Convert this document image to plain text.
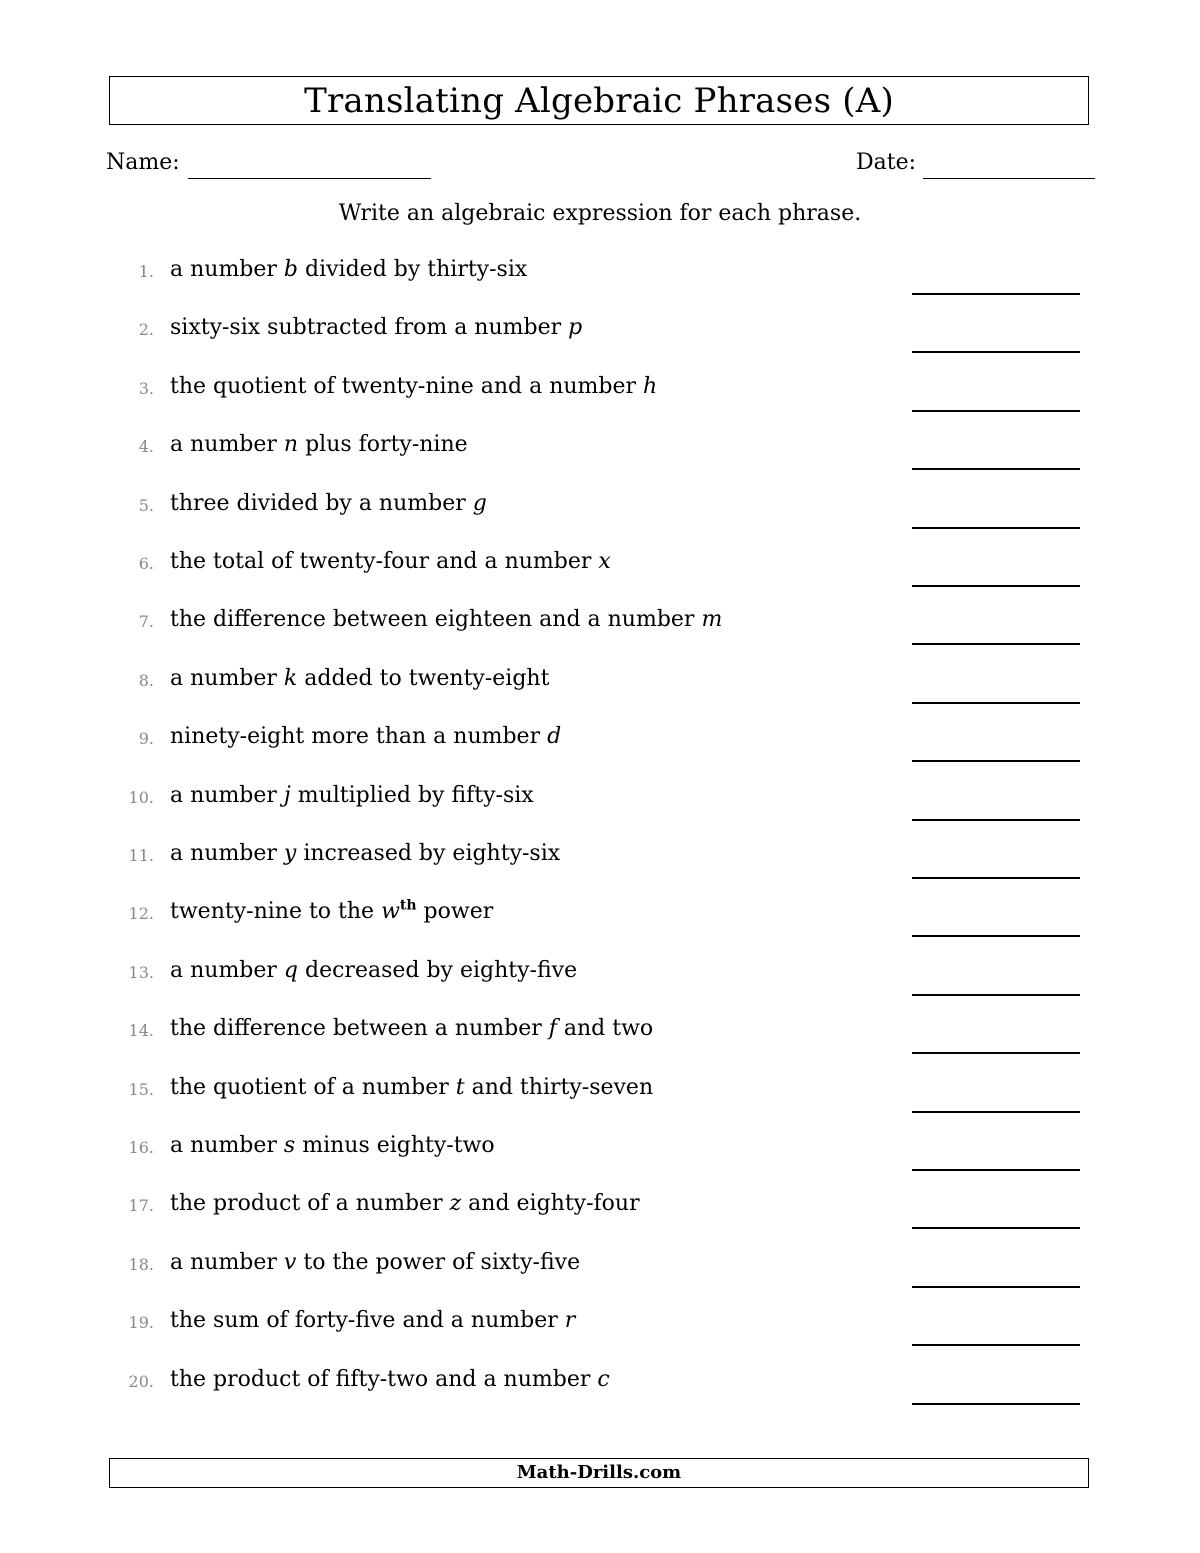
Translating Algebraic Phrases (A)
Name:	Date:
Write an algebraic expression for each phrase.
1. a number b divided by thirty-six
2. sixty-six subtracted from a number p
3. the quotient of twenty-nine and a number h
4. a number n plus forty-nine
5. three divided by a number g
6. the total of twenty-four and a number x
7. the difference between eighteen and a number m
8. a number k added to twenty-eight
9. ninety-eight more than a number d
10. a number j multiplied by fifty-six
11. a number y increased by eighty-six
12. twenty-nine to the $w^{th}$ power
13. a number q decreased by eighty-five
14. the difference between a number f and two
15. the quotient of a number t and thirty-seven
16. a number s minus eighty-two
17. the product of a number z and eighty-four
18. a number v to the power of sixty-five
19. the sum of forty-five and a number r
20. the product of fifty-two and a number c
Math-Drills.com
